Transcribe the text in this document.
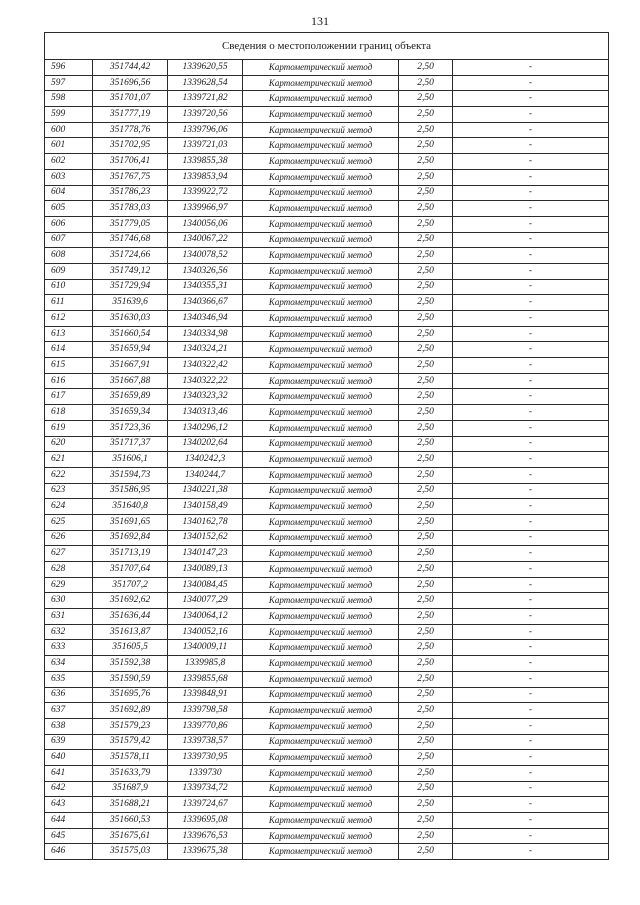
131
Сведения о местоположении границ объекта					
596	351744,42	1339620,55	Картометрический метод	2,50	-
597	351696,56	1339628,54	Картометрический метод	2,50	-
598	351701,07	1339721,82	Картометрический метод	2,50	-
599	351777,19	1339720,56	Картометрический метод	2,50	-
600	351778,76	1339796,06	Картометрический метод	2,50	-
601	351702,95	1339721,03	Картометрический метод	2,50	-
602	351706,41	1339855,38	Картометрический метод	2,50	-
603	351767,75	1339853,94	Картометрический метод	2,50	-
604	351786,23	1339922,72	Картометрический метод	2,50	-
605	351783,03	1339966,97	Картометрический метод	2,50	-
606	351779,05	1340056,06	Картометрический метод	2,50	-
607	351746,68	1340067,22	Картометрический метод	2,50	-
608	351724,66	1340078,52	Картометрический метод	2,50	-
609	351749,12	1340326,56	Картометрический метод	2,50	-
610	351729,94	1340355,31	Картометрический метод	2,50	-
611	351639,6	1340366,67	Картометрический метод	2,50	-
612	351630,03	1340346,94	Картометрический метод	2,50	-
613	351660,54	1340334,98	Картометрический метод	2,50	-
614	351659,94	1340324,21	Картометрический метод	2,50	-
615	351667,91	1340322,42	Картометрический метод	2,50	-
616	351667,88	1340322,22	Картометрический метод	2,50	-
617	351659,89	1340323,32	Картометрический метод	2,50	-
618	351659,34	1340313,46	Картометрический метод	2,50	-
619	351723,36	1340296,12	Картометрический метод	2,50	-
620	351717,37	1340202,64	Картометрический метод	2,50	-
621	351606,1	1340242,3	Картометрический метод	2,50	-
622	351594,73	1340244,7	Картометрический метод	2,50	-
623	351586,95	1340221,38	Картометрический метод	2,50	-
624	351640,8	1340158,49	Картометрический метод	2,50	-
625	351691,65	1340162,78	Картометрический метод	2,50	-
626	351692,84	1340152,62	Картометрический метод	2,50	-
627	351713,19	1340147,23	Картометрический метод	2,50	-
628	351707,64	1340089,13	Картометрический метод	2,50	-
629	351707,2	1340084,45	Картометрический метод	2,50	-
630	351692,62	1340077,29	Картометрический метод	2,50	-
631	351636,44	1340064,12	Картометрический метод	2,50	-
632	351613,87	1340052,16	Картометрический метод	2,50	-
633	351605,5	1340009,11	Картометрический метод	2,50	-
634	351592,38	1339985,8	Картометрический метод	2,50	-
635	351590,59	1339855,68	Картометрический метод	2,50	-
636	351695,76	1339848,91	Картометрический метод	2,50	-
637	351692,89	1339798,58	Картометрический метод	2,50	-
638	351579,23	1339770,86	Картометрический метод	2,50	-
639	351579,42	1339738,57	Картометрический метод	2,50	-
640	351578,11	1339730,95	Картометрический метод	2,50	-
641	351633,79	1339730	Картометрический метод	2,50	-
642	351687,9	1339734,72	Картометрический метод	2,50	-
643	351688,21	1339724,67	Картометрический метод	2,50	-
644	351660,53	1339695,08	Картометрический метод	2,50	-
645	351675,61	1339676,53	Картометрический метод	2,50	-
646	351575,03	1339675,38	Картометрический метод	2,50	-
